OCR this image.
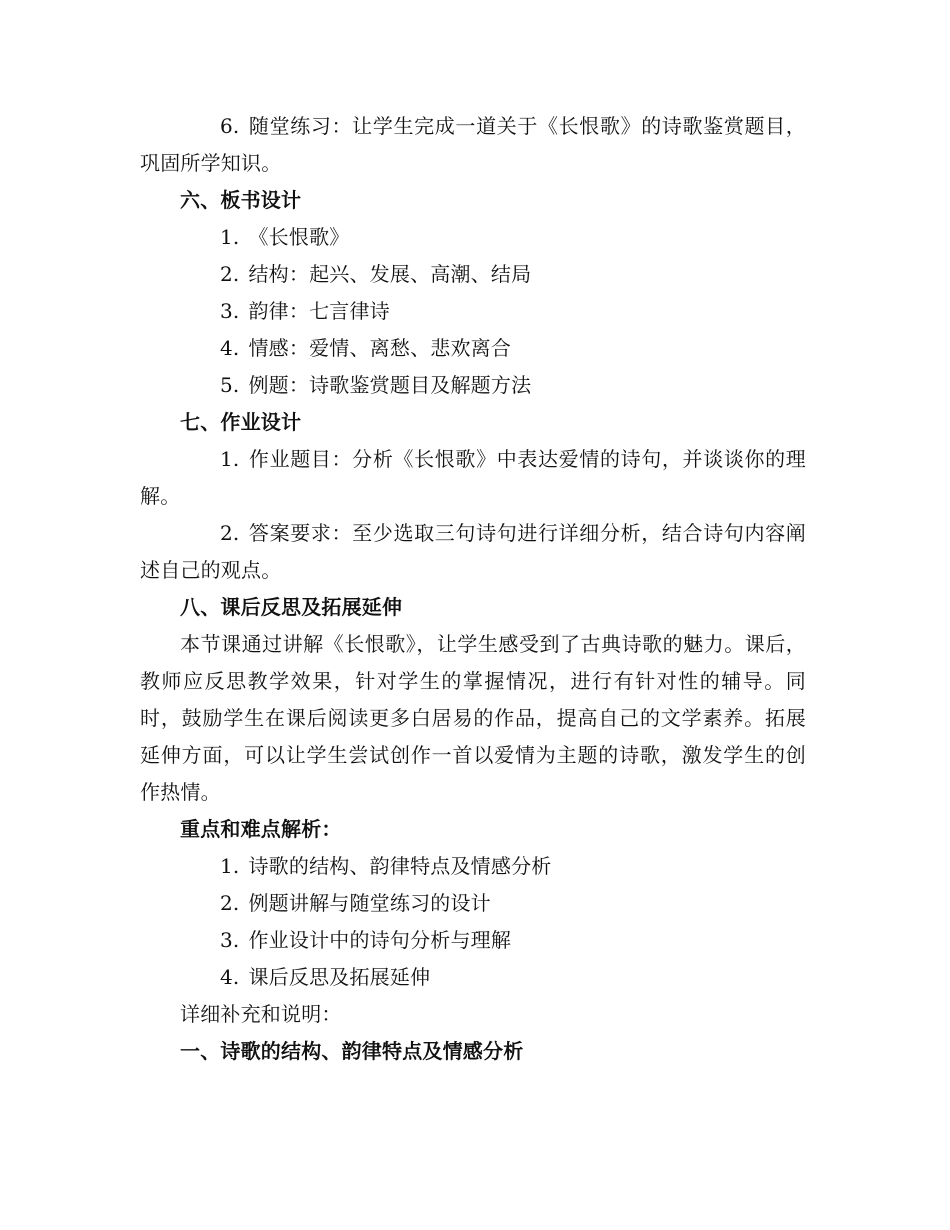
6. 随堂练习：让学生完成一道关于《长恨歌》的诗歌鉴赏题目，巩固所学知识。

六、板书设计

1. 《长恨歌》

2. 结构：起兴、发展、高潮、结局

3. 韵律：七言律诗

4. 情感：爱情、离愁、悲欢离合

5. 例题：诗歌鉴赏题目及解题方法

七、作业设计

1. 作业题目：分析《长恨歌》中表达爱情的诗句，并谈谈你的理解。

2. 答案要求：至少选取三句诗句进行详细分析，结合诗句内容阐述自己的观点。

八、课后反思及拓展延伸

本节课通过讲解《长恨歌》，让学生感受到了古典诗歌的魅力。课后，教师应反思教学效果，针对学生的掌握情况，进行有针对性的辅导。同时，鼓励学生在课后阅读更多白居易的作品，提高自己的文学素养。拓展延伸方面，可以让学生尝试创作一首以爱情为主题的诗歌，激发学生的创作热情。

重点和难点解析：

1. 诗歌的结构、韵律特点及情感分析

2. 例题讲解与随堂练习的设计

3. 作业设计中的诗句分析与理解

4. 课后反思及拓展延伸

详细补充和说明：

一、诗歌的结构、韵律特点及情感分析
